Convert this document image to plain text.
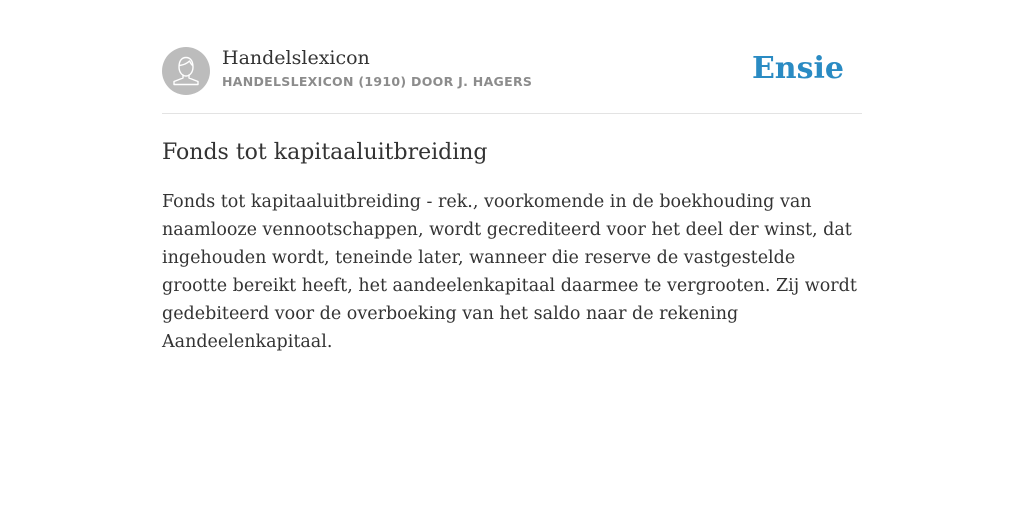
Handelslexicon
HANDELSLEXICON (1910) DOOR J. HAGERS	Ensie
Fonds tot kapitaaluitbreiding

Fonds tot kapitaaluitbreiding - rek., voorkomende in de boekhouding van naamlooze vennootschappen, wordt gecrediteerd voor het deel der winst, dat ingehouden wordt, teneinde later, wanneer die reserve de vastgestelde grootte bereikt heeft, het aandeelenkapitaal daarmee te vergrooten. Zij wordt gedebiteerd voor de overboeking van het saldo naar de rekening Aandeelenkapitaal.
